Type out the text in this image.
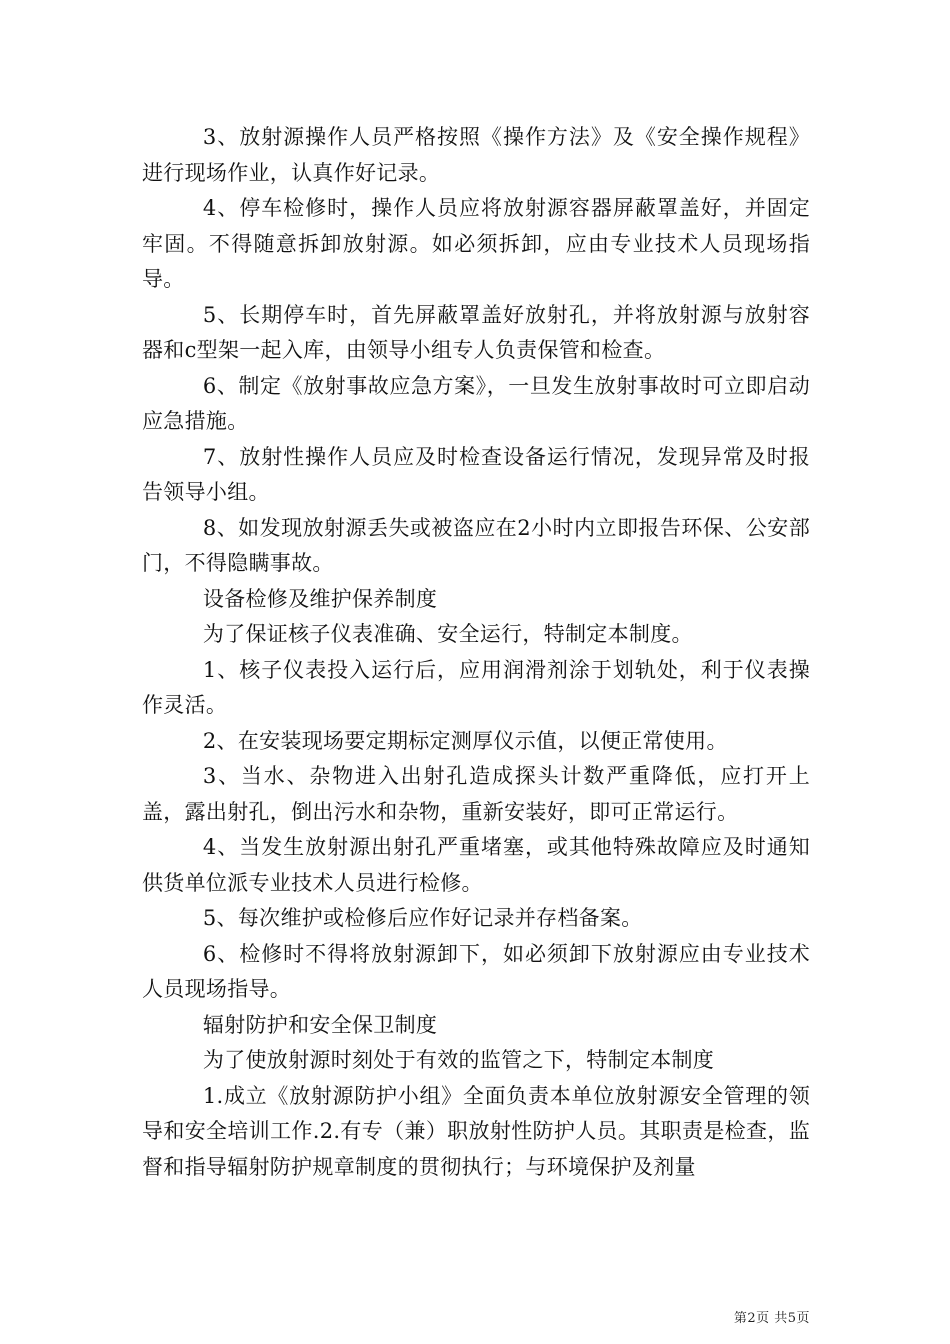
3、放射源操作人员严格按照《操作方法》及《安全操作规程》进行现场作业，认真作好记录。

4、停车检修时，操作人员应将放射源容器屏蔽罩盖好，并固定牢固。不得随意拆卸放射源。如必须拆卸，应由专业技术人员现场指导。

5、长期停车时，首先屏蔽罩盖好放射孔，并将放射源与放射容器和c型架一起入库，由领导小组专人负责保管和检查。

6、制定《放射事故应急方案》，一旦发生放射事故时可立即启动应急措施。

7、放射性操作人员应及时检查设备运行情况，发现异常及时报告领导小组。

8、如发现放射源丢失或被盗应在2小时内立即报告环保、公安部门，不得隐瞒事故。

设备检修及维护保养制度

为了保证核子仪表准确、安全运行，特制定本制度。

1、核子仪表投入运行后，应用润滑剂涂于划轨处，利于仪表操作灵活。

2、在安装现场要定期标定测厚仪示值，以便正常使用。

3、当水、杂物进入出射孔造成探头计数严重降低，应打开上盖，露出射孔，倒出污水和杂物，重新安装好，即可正常运行。

4、当发生放射源出射孔严重堵塞，或其他特殊故障应及时通知供货单位派专业技术人员进行检修。

5、每次维护或检修后应作好记录并存档备案。

6、检修时不得将放射源卸下，如必须卸下放射源应由专业技术人员现场指导。

辐射防护和安全保卫制度

为了使放射源时刻处于有效的监管之下，特制定本制度

1.成立《放射源防护小组》全面负责本单位放射源安全管理的领导和安全培训工作.2.有专（兼）职放射性防护人员。其职责是检查，监督和指导辐射防护规章制度的贯彻执行；与环境保护及剂量

第2页 共5页
